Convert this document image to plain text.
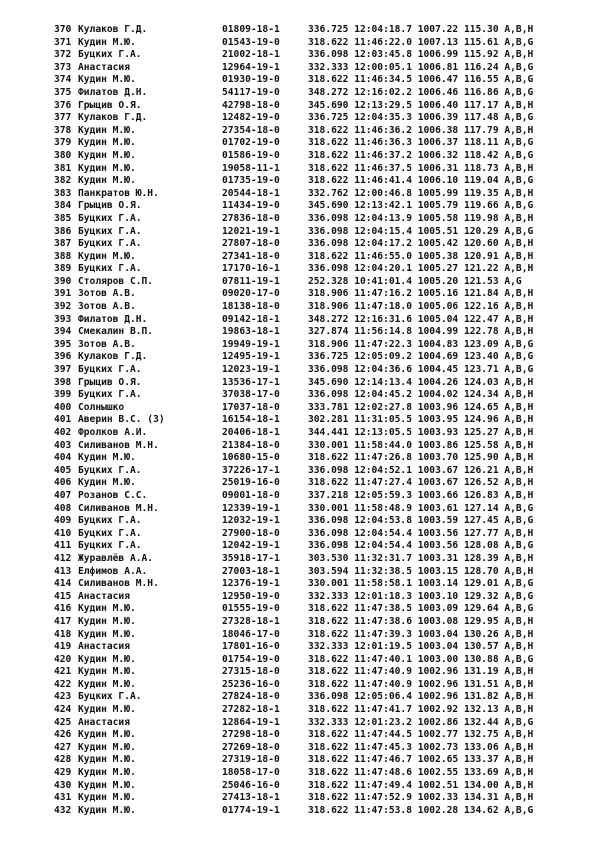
370 Кулаков Г.Д.	01809-18-1	336.725 12:04:18.7 1007.22 115.30 A,B,H
371 Кудин М.Ю.	01543-19-0	318.622 11:46:22.0 1007.13 115.61 A,B,G
372 Буцких Г.А.	21002-18-1	336.098 12:03:45.8 1006.99 115.92 A,B,H
373 Анастасия	12964-19-1	332.333 12:00:05.1 1006.81 116.24 A,B,G
374 Кудин М.Ю.	01930-19-0	318.622 11:46:34.5 1006.47 116.55 A,B,G
375 Филатов Д.Н.	54117-19-0	348.272 12:16:02.2 1006.46 116.86 A,B,G
376 Грыцив О.Я.	42798-18-0	345.690 12:13:29.5 1006.40 117.17 A,B,H
377 Кулаков Г.Д.	12482-19-0	336.725 12:04:35.3 1006.39 117.48 A,B,G
378 Кудин М.Ю.	27354-18-0	318.622 11:46:36.2 1006.38 117.79 A,B,H
379 Кудин М.Ю.	01702-19-0	318.622 11:46:36.3 1006.37 118.11 A,B,G
380 Кудин М.Ю.	01586-19-0	318.622 11:46:37.2 1006.32 118.42 A,B,G
381 Кудин М.Ю.	19058-11-1	318.622 11:46:37.5 1006.31 118.73 A,B,H
382 Кудин М.Ю.	01735-19-0	318.622 11:46:41.4 1006.10 119.04 A,B,G
383 Панкратов Ю.Н.	20544-18-1	332.762 12:00:46.8 1005.99 119.35 A,B,H
384 Грыцив О.Я.	11434-19-0	345.690 12:13:42.1 1005.79 119.66 A,B,G
385 Буцких Г.А.	27836-18-0	336.098 12:04:13.9 1005.58 119.98 A,B,H
386 Буцких Г.А.	12021-19-1	336.098 12:04:15.4 1005.51 120.29 A,B,G
387 Буцких Г.А.	27807-18-0	336.098 12:04:17.2 1005.42 120.60 A,B,H
388 Кудин М.Ю.	27341-18-0	318.622 11:46:55.0 1005.38 120.91 A,B,H
389 Буцких Г.А.	17170-16-1	336.098 12:04:20.1 1005.27 121.22 A,B,H
390 Столяров С.П.	07811-19-1	252.328 10:41:01.4 1005.20 121.53 A,G
391 Зотов А.В.	09020-17-0	318.906 11:47:16.2 1005.16 121.84 A,B,H
392 Зотов А.В.	18138-18-0	318.906 11:47:18.0 1005.06 122.16 A,B,H
393 Филатов Д.Н.	09142-18-1	348.272 12:16:31.6 1005.04 122.47 A,B,H
394 Смекалин В.П.	19863-18-1	327.874 11:56:14.8 1004.99 122.78 A,B,H
395 Зотов А.В.	19949-19-1	318.906 11:47:22.3 1004.83 123.09 A,B,G
396 Кулаков Г.Д.	12495-19-1	336.725 12:05:09.2 1004.69 123.40 A,B,G
397 Буцких Г.А.	12023-19-1	336.098 12:04:36.6 1004.45 123.71 A,B,G
398 Грыцив О.Я.	13536-17-1	345.690 12:14:13.4 1004.26 124.03 A,B,H
399 Буцких Г.А.	37038-17-0	336.098 12:04:45.2 1004.02 124.34 A,B,H
400 Солнышко	17037-18-0	333.781 12:02:27.8 1003.96 124.65 A,B,H
401 Аверин В.С. (З)	16154-18-1	302.281 11:31:05.5 1003.95 124.96 A,B,H
402 Фролков А.И.	20406-18-1	344.441 12:13:05.5 1003.93 125.27 A,B,H
403 Силиванов М.Н.	21384-18-0	330.001 11:58:44.0 1003.86 125.58 A,B,H
404 Кудин М.Ю.	10680-15-0	318.622 11:47:26.8 1003.70 125.90 A,B,H
405 Буцких Г.А.	37226-17-1	336.098 12:04:52.1 1003.67 126.21 A,B,H
406 Кудин М.Ю.	25019-16-0	318.622 11:47:27.4 1003.67 126.52 A,B,H
407 Розанов С.С.	09001-18-0	337.218 12:05:59.3 1003.66 126.83 A,B,H
408 Силиванов М.Н.	12339-19-1	330.001 11:58:48.9 1003.61 127.14 A,B,G
409 Буцких Г.А.	12032-19-1	336.098 12:04:53.8 1003.59 127.45 A,B,G
410 Буцких Г.А.	27900-18-0	336.098 12:04:54.4 1003.56 127.77 A,B,H
411 Буцких Г.А.	12042-19-1	336.098 12:04:54.4 1003.56 128.08 A,B,G
412 Журавлёв А.А.	35918-17-1	303.530 11:32:31.7 1003.31 128.39 A,B,H
413 Елфимов А.А.	27003-18-1	303.594 11:32:38.5 1003.15 128.70 A,B,H
414 Силиванов М.Н.	12376-19-1	330.001 11:58:58.1 1003.14 129.01 A,B,G
415 Анастасия	12950-19-0	332.333 12:01:18.3 1003.10 129.32 A,B,G
416 Кудин М.Ю.	01555-19-0	318.622 11:47:38.5 1003.09 129.64 A,B,G
417 Кудин М.Ю.	27328-18-1	318.622 11:47:38.6 1003.08 129.95 A,B,H
418 Кудин М.Ю.	18046-17-0	318.622 11:47:39.3 1003.04 130.26 A,B,H
419 Анастасия	17801-16-0	332.333 12:01:19.5 1003.04 130.57 A,B,H
420 Кудин М.Ю.	01754-19-0	318.622 11:47:40.1 1003.00 130.88 A,B,G
421 Кудин М.Ю.	27315-18-0	318.622 11:47:40.9 1002.96 131.19 A,B,H
422 Кудин М.Ю.	25236-16-0	318.622 11:47:40.9 1002.96 131.51 A,B,H
423 Буцких Г.А.	27824-18-0	336.098 12:05:06.4 1002.96 131.82 A,B,H
424 Кудин М.Ю.	27282-18-1	318.622 11:47:41.7 1002.92 132.13 A,B,H
425 Анастасия	12864-19-1	332.333 12:01:23.2 1002.86 132.44 A,B,G
426 Кудин М.Ю.	27298-18-0	318.622 11:47:44.5 1002.77 132.75 A,B,H
427 Кудин М.Ю.	27269-18-0	318.622 11:47:45.3 1002.73 133.06 A,B,H
428 Кудин М.Ю.	27319-18-0	318.622 11:47:46.7 1002.65 133.37 A,B,H
429 Кудин М.Ю.	18058-17-0	318.622 11:47:48.6 1002.55 133.69 A,B,H
430 Кудин М.Ю.	25046-16-0	318.622 11:47:49.4 1002.51 134.00 A,B,H
431 Кудин М.Ю.	27413-18-1	318.622 11:47:52.9 1002.33 134.31 A,B,H
432 Кудин М.Ю.	01774-19-1	318.622 11:47:53.8 1002.28 134.62 A,B,G
